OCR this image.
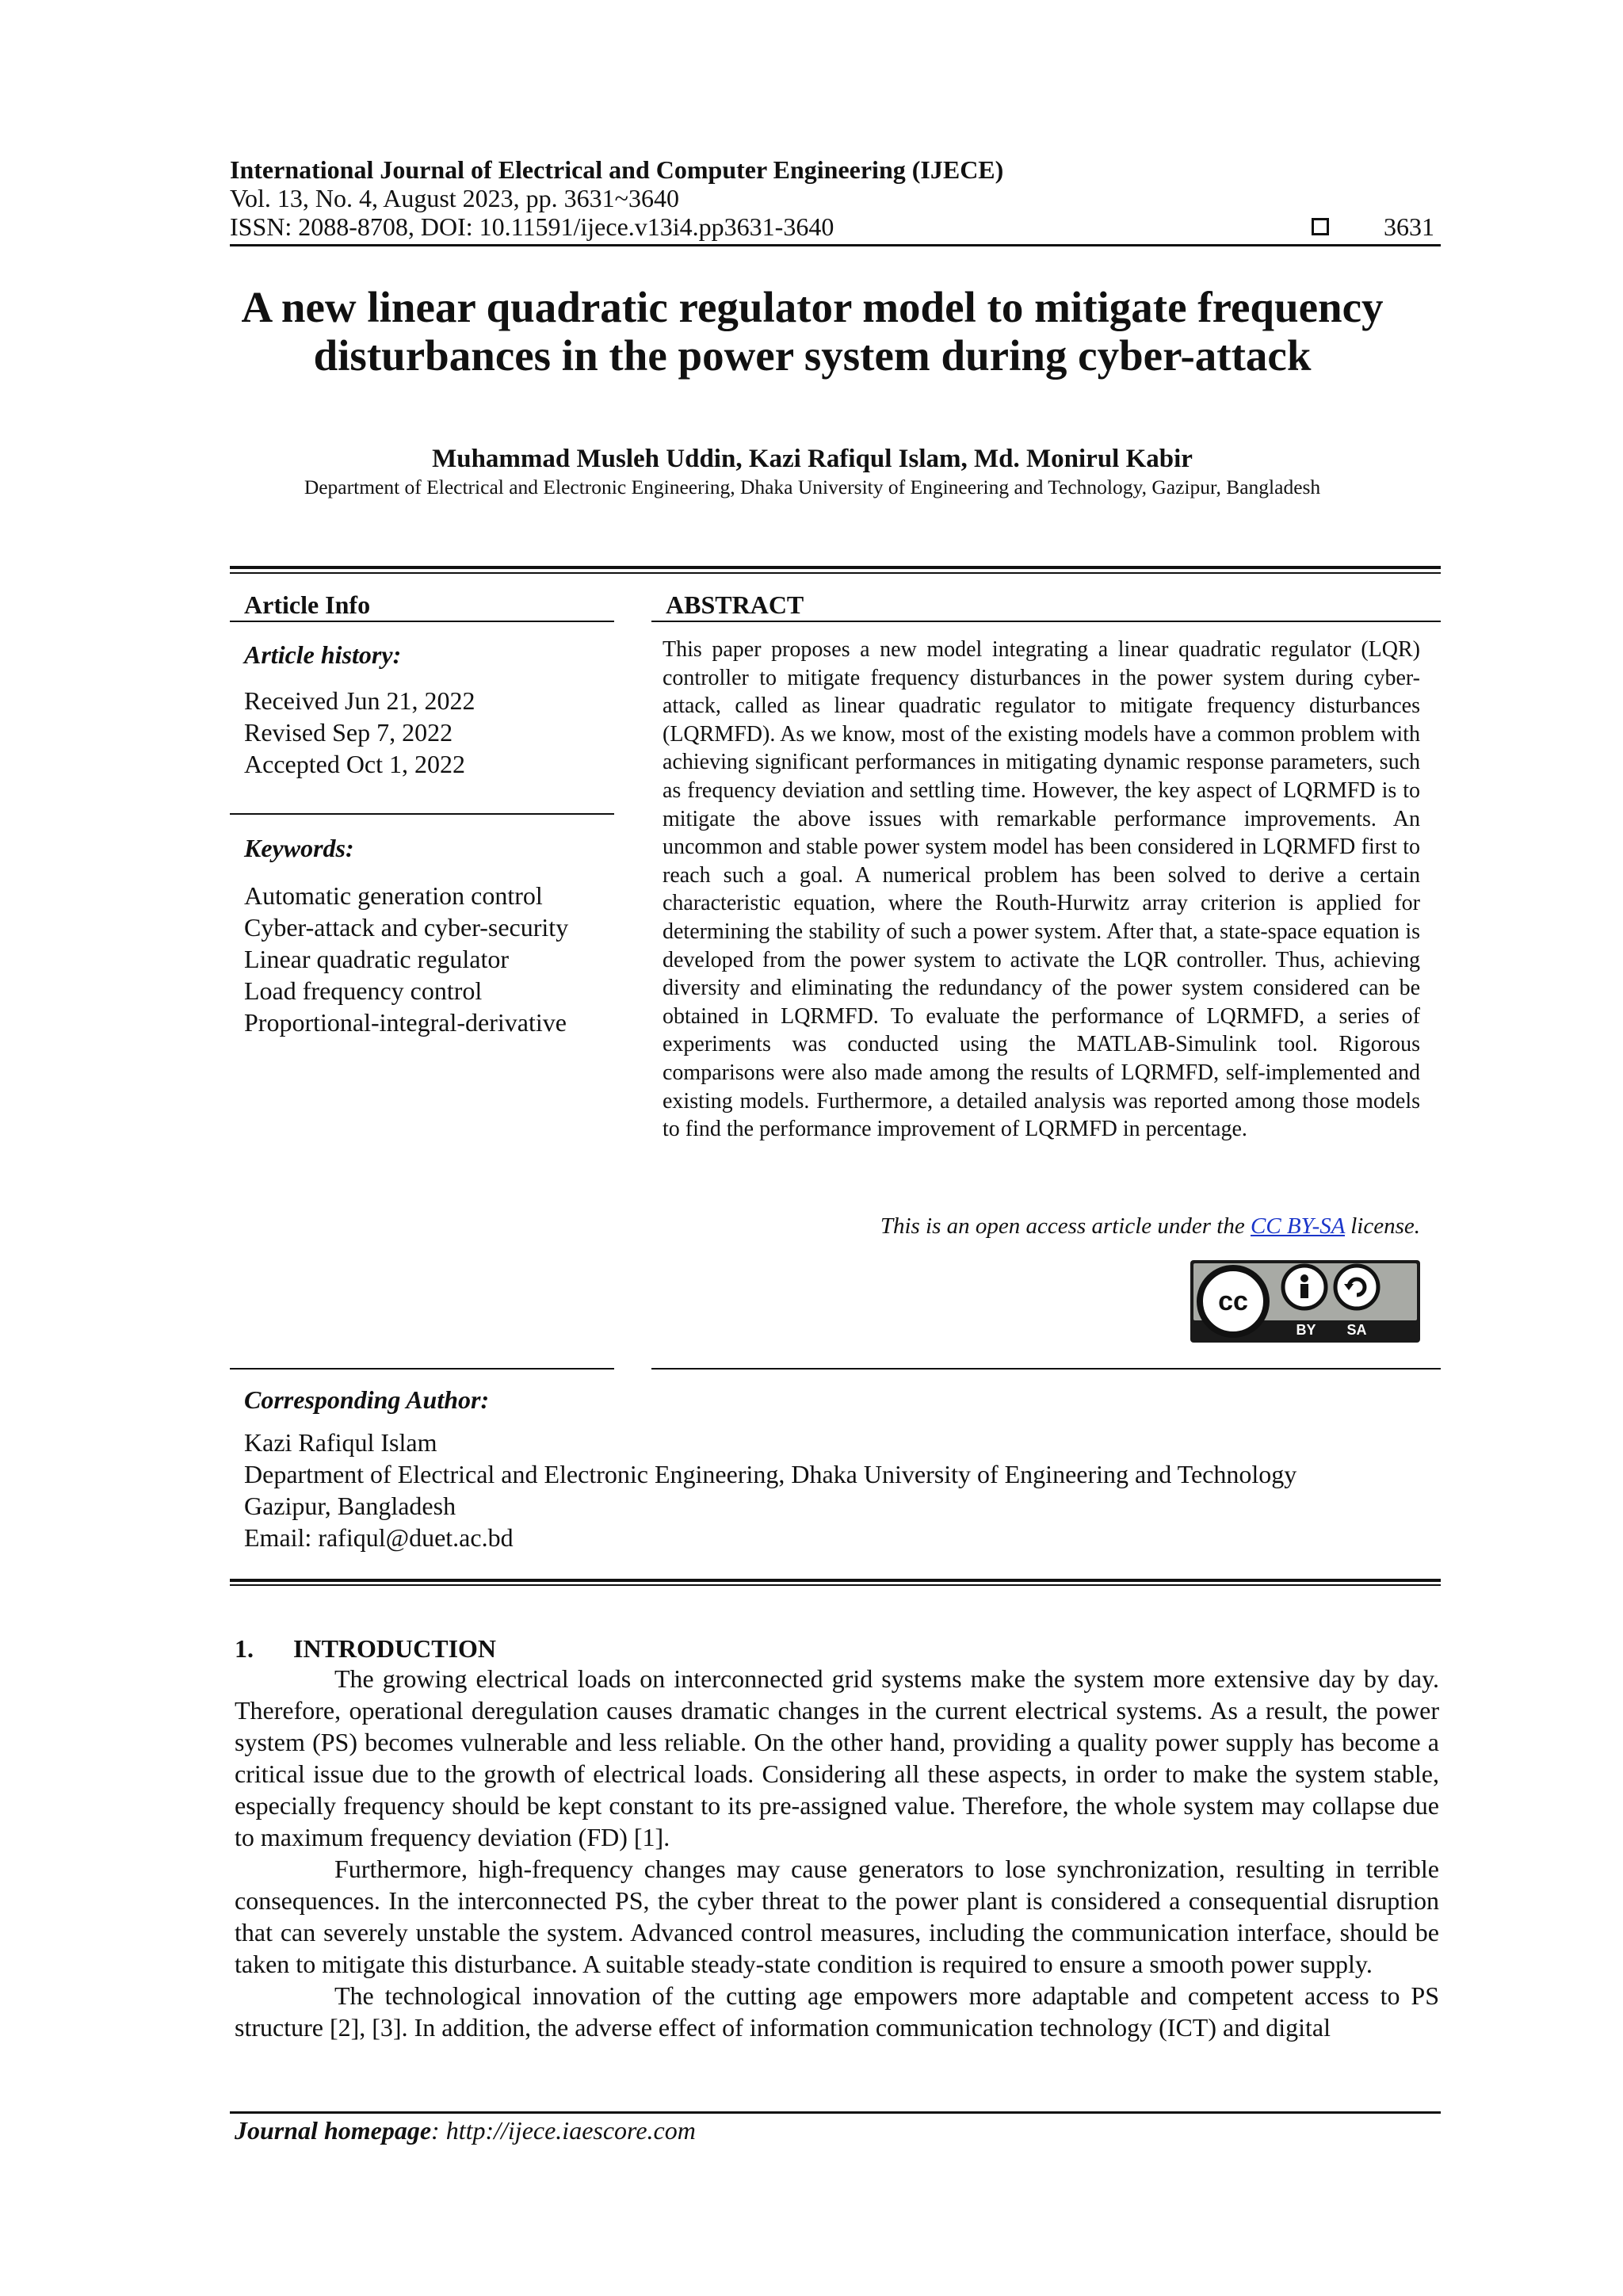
International Journal of Electrical and Computer Engineering (IJECE)
Vol. 13, No. 4, August 2023, pp. 3631~3640
ISSN: 2088-8708, DOI: 10.11591/ijece.v13i4.pp3631-3640	3631
A new linear quadratic regulator model to mitigate frequency
disturbances in the power system during cyber-attack
Muhammad Musleh Uddin, Kazi Rafiqul Islam, Md. Monirul Kabir
Department of Electrical and Electronic Engineering, Dhaka University of Engineering and Technology, Gazipur, Bangladesh
Article Info
Article history:
Received Jun 21, 2022
Revised Sep 7, 2022
Accepted Oct 1, 2022
Keywords:
Automatic generation control
Cyber-attack and cyber-security
Linear quadratic regulator
Load frequency control
Proportional-integral-derivative
ABSTRACT

This paper proposes a new model integrating a linear quadratic regulator (LQR) controller to mitigate frequency disturbances in the power system during cyber-attack, called as linear quadratic regulator to mitigate frequency disturbances (LQRMFD). As we know, most of the existing models have a common problem with achieving significant performances in mitigating dynamic response parameters, such as frequency deviation and settling time. However, the key aspect of LQRMFD is to mitigate the above issues with remarkable performance improvements. An uncommon and stable power system model has been considered in LQRMFD first to reach such a goal. A numerical problem has been solved to derive a certain characteristic equation, where the Routh-Hurwitz array criterion is applied for determining the stability of such a power system. After that, a state-space equation is developed from the power system to activate the LQR controller. Thus, achieving diversity and eliminating the redundancy of the power system considered can be obtained in LQRMFD. To evaluate the performance of LQRMFD, a series of experiments was conducted using the MATLAB-Simulink tool. Rigorous comparisons were also made among the results of LQRMFD, self-implemented and existing models. Furthermore, a detailed analysis was reported among those models to find the performance improvement of LQRMFD in percentage.

This is an open access article under the CC BY-SA license.
cc
BY	SA
Corresponding Author:
Kazi Rafiqul Islam
Department of Electrical and Electronic Engineering, Dhaka University of Engineering and Technology
Gazipur, Bangladesh
Email: rafiqul@duet.ac.bd
1. INTRODUCTION

The growing electrical loads on interconnected grid systems make the system more extensive day by day. Therefore, operational deregulation causes dramatic changes in the current electrical systems. As a result, the power system (PS) becomes vulnerable and less reliable. On the other hand, providing a quality power supply has become a critical issue due to the growth of electrical loads. Considering all these aspects, in order to make the system stable, especially frequency should be kept constant to its pre-assigned value. Therefore, the whole system may collapse due to maximum frequency deviation (FD) [1].

Furthermore, high-frequency changes may cause generators to lose synchronization, resulting in terrible consequences. In the interconnected PS, the cyber threat to the power plant is considered a consequential disruption that can severely unstable the system. Advanced control measures, including the communication interface, should be taken to mitigate this disturbance. A suitable steady-state condition is required to ensure a smooth power supply.

The technological innovation of the cutting age empowers more adaptable and competent access to PS structure [2], [3]. In addition, the adverse effect of information communication technology (ICT) and digital

Journal homepage: http://ijece.iaescore.com
